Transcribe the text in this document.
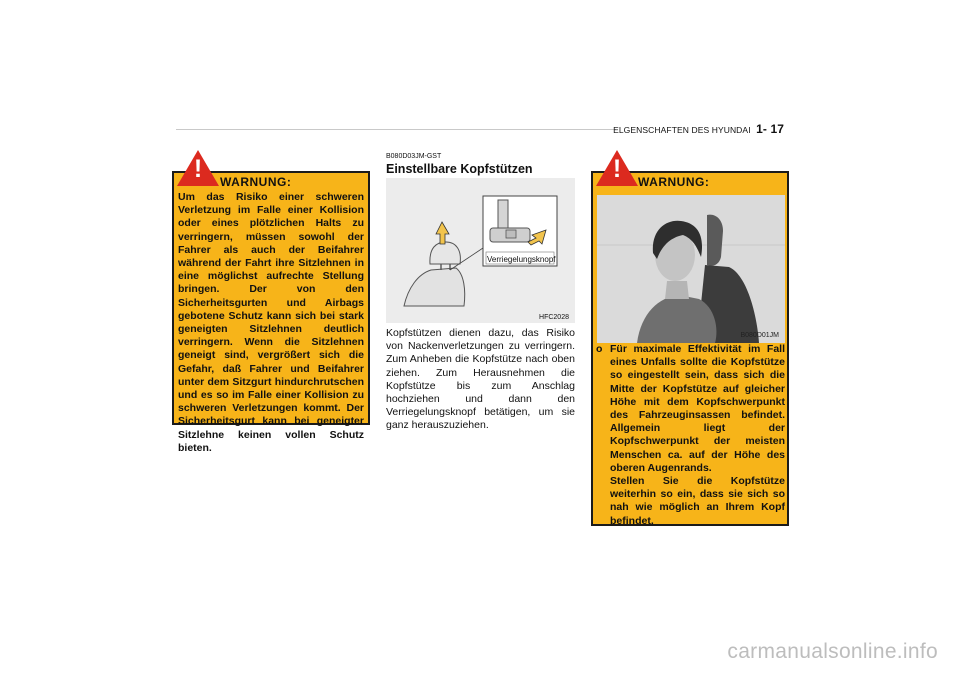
ELGENSCHAFTEN DES HYUNDAI 1- 17
Um das Risiko einer schweren Verletzung im Falle einer Kollision oder eines plötzlichen Halts zu verringern, müssen sowohl der Fahrer als auch der Beifahrer während der Fahrt ihre Sitzlehnen in eine möglichst aufrechte Stellung bringen. Der von den Sicherheitsgurten und Airbags gebotene Schutz kann sich bei stark geneigten Sitzlehnen deutlich verringern. Wenn die Sitzlehnen geneigt sind, vergrößert sich die Gefahr, daß Fahrer und Beifahrer unter dem Sitzgurt hindurchrutschen und es so im Falle einer Kollision zu schweren Verletzungen kommt. Der Sicherheitsgurt kann bei geneigter Sitzlehne keinen vollen Schutz bieten.
! WARNUNG:
B080D03JM-GST
Einstellbare Kopfstützen
Verriegelungsknopf
HFC2028
Kopfstützen dienen dazu, das Risiko von Nackenverletzungen zu verringern. Zum Anheben die Kopfstütze nach oben ziehen. Zum Herausnehmen die Kopfstütze bis zum Anschlag hochziehen und dann den Verriegelungsknopf betätigen, um sie ganz herauszuziehen.
B080D01JM
! WARNUNG:
o Für maximale Effektivität im Fall eines Unfalls sollte die Kopfstütze so eingestellt sein, dass sich die Mitte der Kopfstütze auf gleicher Höhe mit dem Kopfschwerpunkt des Fahrzeuginsassen befindet. Allgemein liegt der Kopfschwerpunkt der meisten Menschen ca. auf der Höhe des oberen Augenrands.
Stellen Sie die Kopfstütze weiterhin so ein, dass sie sich so nah wie möglich an Ihrem Kopf befindet.
carmanualsonline.info
